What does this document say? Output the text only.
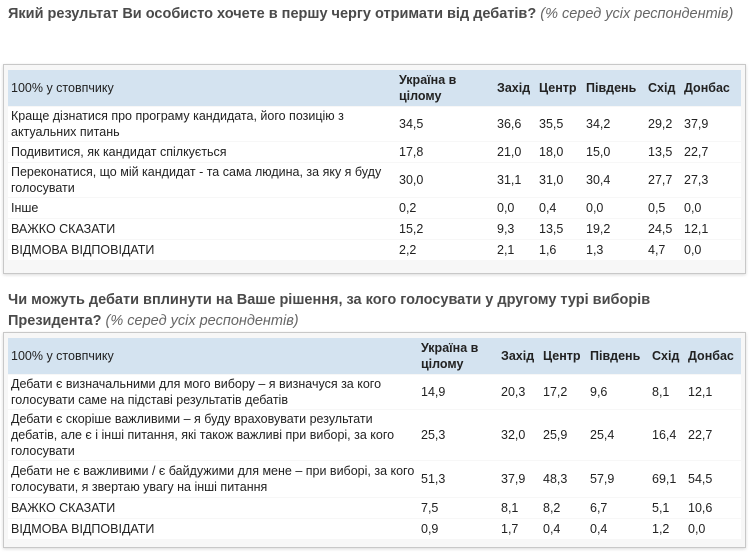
Який результат Ви особисто хочете в першу чергу отримати від дебатів? (% серед усіх респондентів)
100% у стовпчику	Україна в цілому	Захід	Центр	Південь	Схід	Донбас
Краще дізнатися про програму кандидата, його позицію з актуальних питань	34,5	36,6	35,5	34,2	29,2	37,9
Подивитися, як кандидат спілкується	17,8	21,0	18,0	15,0	13,5	22,7
Переконатися, що мій кандидат - та сама людина, за яку я буду голосувати	30,0	31,1	31,0	30,4	27,7	27,3
Інше	0,2	0,0	0,4	0,0	0,5	0,0
ВАЖКО СКАЗАТИ	15,2	9,3	13,5	19,2	24,5	12,1
ВІДМОВА ВІДПОВІДАТИ	2,2	2,1	1,6	1,3	4,7	0,0
Чи можуть дебати вплинути на Ваше рішення, за кого голосувати у другому турі виборів Президента? (% серед усіх респондентів)
100% у стовпчику	Україна в цілому	Захід	Центр	Південь	Схід	Донбас
Дебати є визначальними для мого вибору – я визначуся за кого голосувати саме на підставі результатів дебатів	14,9	20,3	17,2	9,6	8,1	12,1
Дебати є скоріше важливими – я буду враховувати результати дебатів, але є і інші питання, які також важливі при виборі, за кого голосувати	25,3	32,0	25,9	25,4	16,4	22,7
Дебати не є важливими / є байдужими для мене – при виборі, за кого голосувати, я звертаю увагу на інші питання	51,3	37,9	48,3	57,9	69,1	54,5
ВАЖКО СКАЗАТИ	7,5	8,1	8,2	6,7	5,1	10,6
ВІДМОВА ВІДПОВІДАТИ	0,9	1,7	0,4	0,4	1,2	0,0
